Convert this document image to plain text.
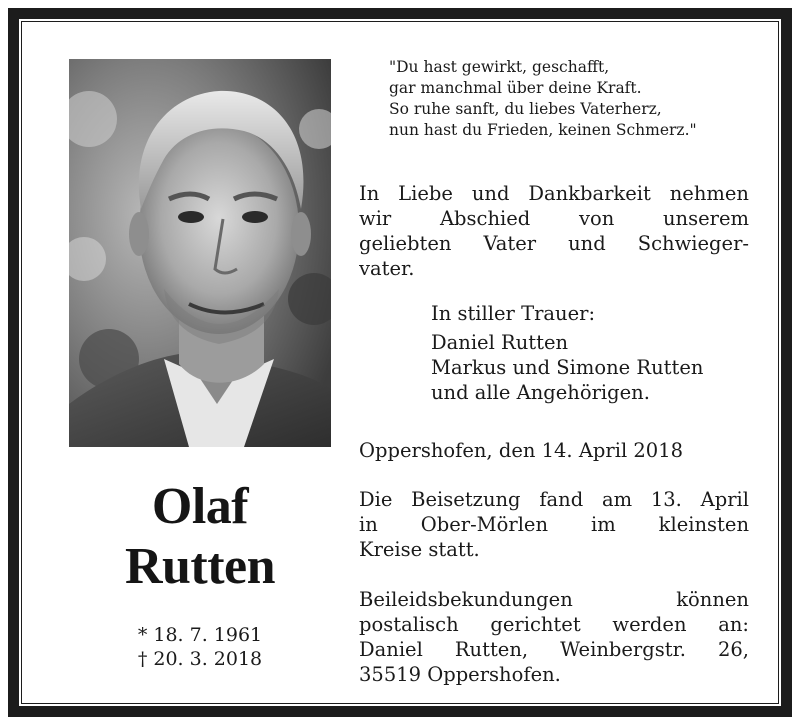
Olaf
Rutten
* 18. 7. 1961
† 20. 3. 2018
"Du hast gewirkt, geschafft,
gar manchmal über deine Kraft.
So ruhe sanft, du liebes Vaterherz,
nun hast du Frieden, keinen Schmerz."
In Liebe und Dankbarkeit nehmen
wir Abschied von unserem
geliebten Vater und Schwieger-
vater.
In stiller Trauer:
Daniel Rutten
Markus und Simone Rutten
und alle Angehörigen.
Oppershofen, den 14. April 2018
Die Beisetzung fand am 13. April
in Ober-Mörlen im kleinsten
Kreise statt.
Beileidsbekundungen können
postalisch gerichtet werden an:
Daniel Rutten, Weinbergstr. 26,
35519 Oppershofen.
